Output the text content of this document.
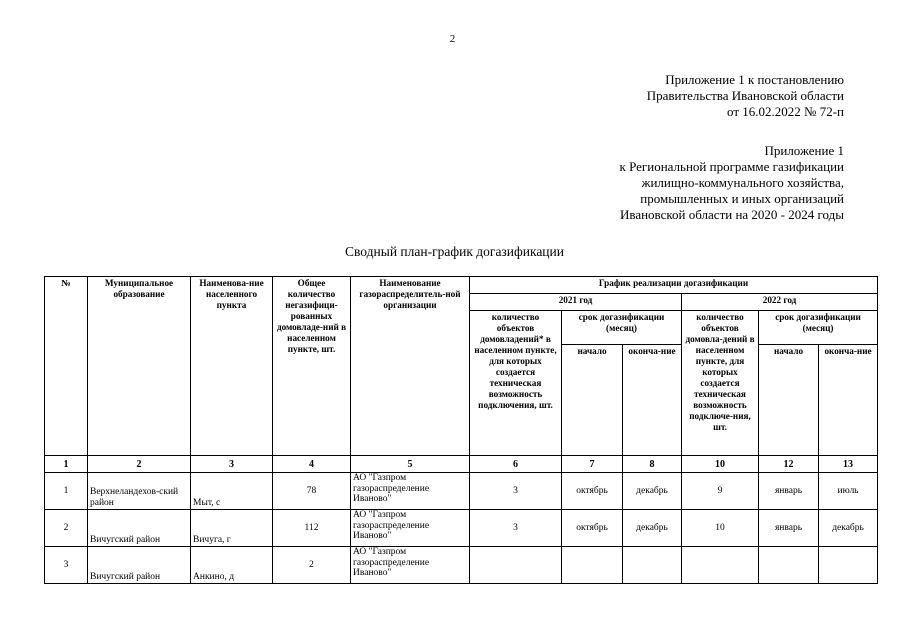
2
Приложение 1 к постановлению
Правительства Ивановской области
от 16.02.2022 № 72-п
Приложение 1
к Региональной программе газификации
жилищно-коммунального хозяйства,
промышленных и иных организаций
Ивановской области на 2020 - 2024 годы
Сводный план-график догазификации
№	Муниципальное образование	Наименова-ние населенного пункта	Общее количество негазифици-рованных домовладе-ний в населенном пункте, шт.	Наименование газораспределитель-ной организации	График реализации догазификации					
					2021 год			2022 год		
					количество объектов домовладений* в населенном пункте, для которых создается техническая возможность подключения, шт.	срок догазификации (месяц)		количество объектов домовла-дений в населенном пункте, для которых создается техническая возможность подключе-ния, шт.	срок догазификации (месяц)	
						начало	оконча-ние		начало	оконча-ние
1	2	3	4	5	6	7	8	10	12	13
1	Верхнеландехов-ский район	Мыт, с	78	АО "Газпром газораспределение Иваново"	3	октябрь	декабрь	9	январь	июль
2	Вичугский район	Вичуга, г	112	АО "Газпром газораспределение Иваново"	3	октябрь	декабрь	10	январь	декабрь
3	Вичугский район	Анкино, д	2	АО "Газпром газораспределение Иваново"						
